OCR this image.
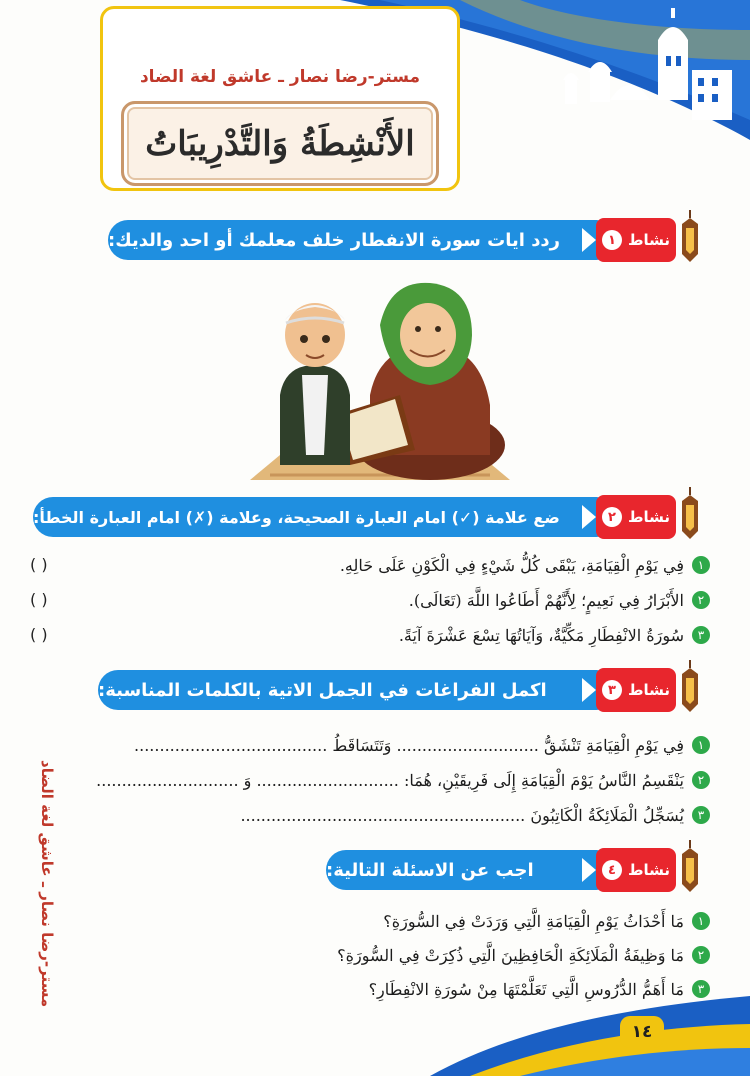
مستر-رضا نصار ـ عاشق لغة الضاد
الأَنْشِطَةُ وَالتَّدْرِيبَاتُ
ردد ايات سورة الانفطار خلف معلمك أو احد والديك:	نشاط
١
ضع علامة (✓) امام العبارة الصحيحة، وعلامة (✗) امام العبارة الخطأ:	نشاط
٢
١
فِي يَوْمِ الْقِيَامَةِ، يَبْقَى كُلُّ شَيْءٍ فِي الْكَوْنِ عَلَى حَالِهِ.
( )
٢
الأَبْرَارُ فِي نَعِيمٍ؛ لِأَنَّهُمْ أَطَاعُوا اللَّهَ (تَعَالَى).
( )
٣
سُورَةُ الانْفِطَارِ مَكِّيَّةٌ، وَآيَاتُهَا تِسْعَ عَشْرَةَ آيَةً.
( )
اكمل الفراغات في الجمل الاتية بالكلمات المناسبة:	نشاط
٣
١
فِي يَوْمِ الْقِيَامَةِ تَنْشَقُّ ............................ وَتَتَسَاقَطُ ......................................
٢
يَنْقَسِمُ النَّاسُ يَوْمَ الْقِيَامَةِ إِلَى فَرِيقَيْنِ، هُمَا: ............................ وَ ............................
٣
يُسَجِّلُ الْمَلَائِكَةُ الْكَاتِبُونَ ........................................................
مستر-رضا نصار ـ عاشق لغة الضاد	اجب عن الاسئلة التالية:	نشاط
٤
١
مَا أَحْدَاثُ يَوْمِ الْقِيَامَةِ الَّتِي وَرَدَتْ فِي السُّورَةِ؟
٢
مَا وَظِيفَةُ الْمَلَائِكَةِ الْحَافِظِينَ الَّتِي ذُكِرَتْ فِي السُّورَةِ؟
٣
مَا أَهَمُّ الدُّرُوسِ الَّتِي تَعَلَّمْتَهَا مِنْ سُورَةِ الانْفِطَارِ؟
١٤
